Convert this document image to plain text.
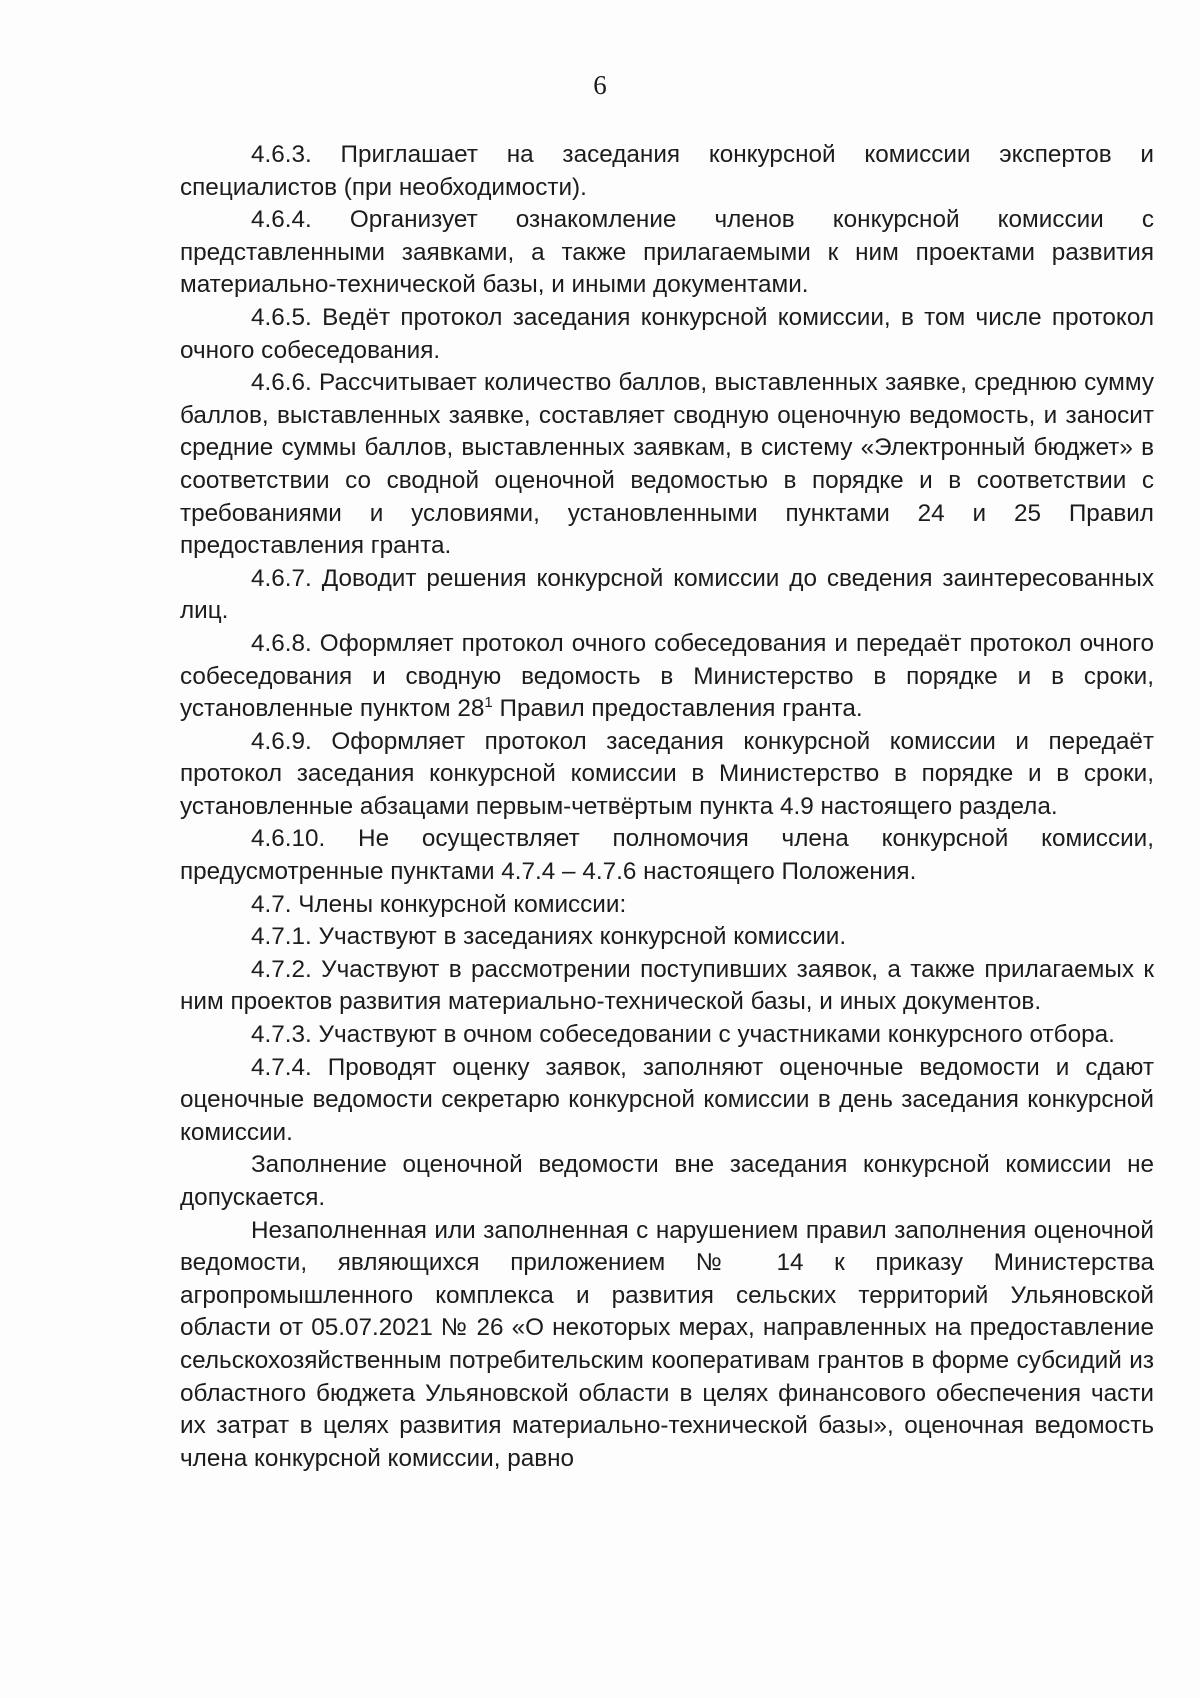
6

4.6.3. Приглашает на заседания конкурсной комиссии экспертов и специалистов (при необходимости).

4.6.4. Организует ознакомление членов конкурсной комиссии с представленными заявками, а также прилагаемыми к ним проектами развития материально-технической базы, и иными документами.

4.6.5. Ведёт протокол заседания конкурсной комиссии, в том числе протокол очного собеседования.

4.6.6. Рассчитывает количество баллов, выставленных заявке, среднюю сумму баллов, выставленных заявке, составляет сводную оценочную ведомость, и заносит средние суммы баллов, выставленных заявкам, в систему «Электронный бюджет» в соответствии со сводной оценочной ведомостью в порядке и в соответствии с требованиями и условиями, установленными пунктами 24 и 25 Правил предоставления гранта.

4.6.7. Доводит решения конкурсной комиссии до сведения заинтересованных лиц.

4.6.8. Оформляет протокол очного собеседования и передаёт протокол очного собеседования и сводную ведомость в Министерство в порядке и в сроки, установленные пунктом $28^1$ Правил предоставления гранта.

4.6.9. Оформляет протокол заседания конкурсной комиссии и передаёт протокол заседания конкурсной комиссии в Министерство в порядке и в сроки, установленные абзацами первым-четвёртым пункта 4.9 настоящего раздела.

4.6.10. Не осуществляет полномочия члена конкурсной комиссии, предусмотренные пунктами 4.7.4 – 4.7.6 настоящего Положения.

4.7. Члены конкурсной комиссии:

4.7.1. Участвуют в заседаниях конкурсной комиссии.

4.7.2. Участвуют в рассмотрении поступивших заявок, а также прилагаемых к ним проектов развития материально-технической базы, и иных документов.

4.7.3. Участвуют в очном собеседовании с участниками конкурсного отбора.

4.7.4. Проводят оценку заявок, заполняют оценочные ведомости и сдают оценочные ведомости секретарю конкурсной комиссии в день заседания конкурсной комиссии.

Заполнение оценочной ведомости вне заседания конкурсной комиссии не допускается.

Незаполненная или заполненная с нарушением правил заполнения оценочной ведомости, являющихся приложением № 14 к приказу Министерства агропромышленного комплекса и развития сельских территорий Ульяновской области от 05.07.2021 № 26 «О некоторых мерах, направленных на предоставление сельскохозяйственным потребительским кооперативам грантов в форме субсидий из областного бюджета Ульяновской области в целях финансового обеспечения части их затрат в целях развития материально-технической базы», оценочная ведомость члена конкурсной комиссии, равно
